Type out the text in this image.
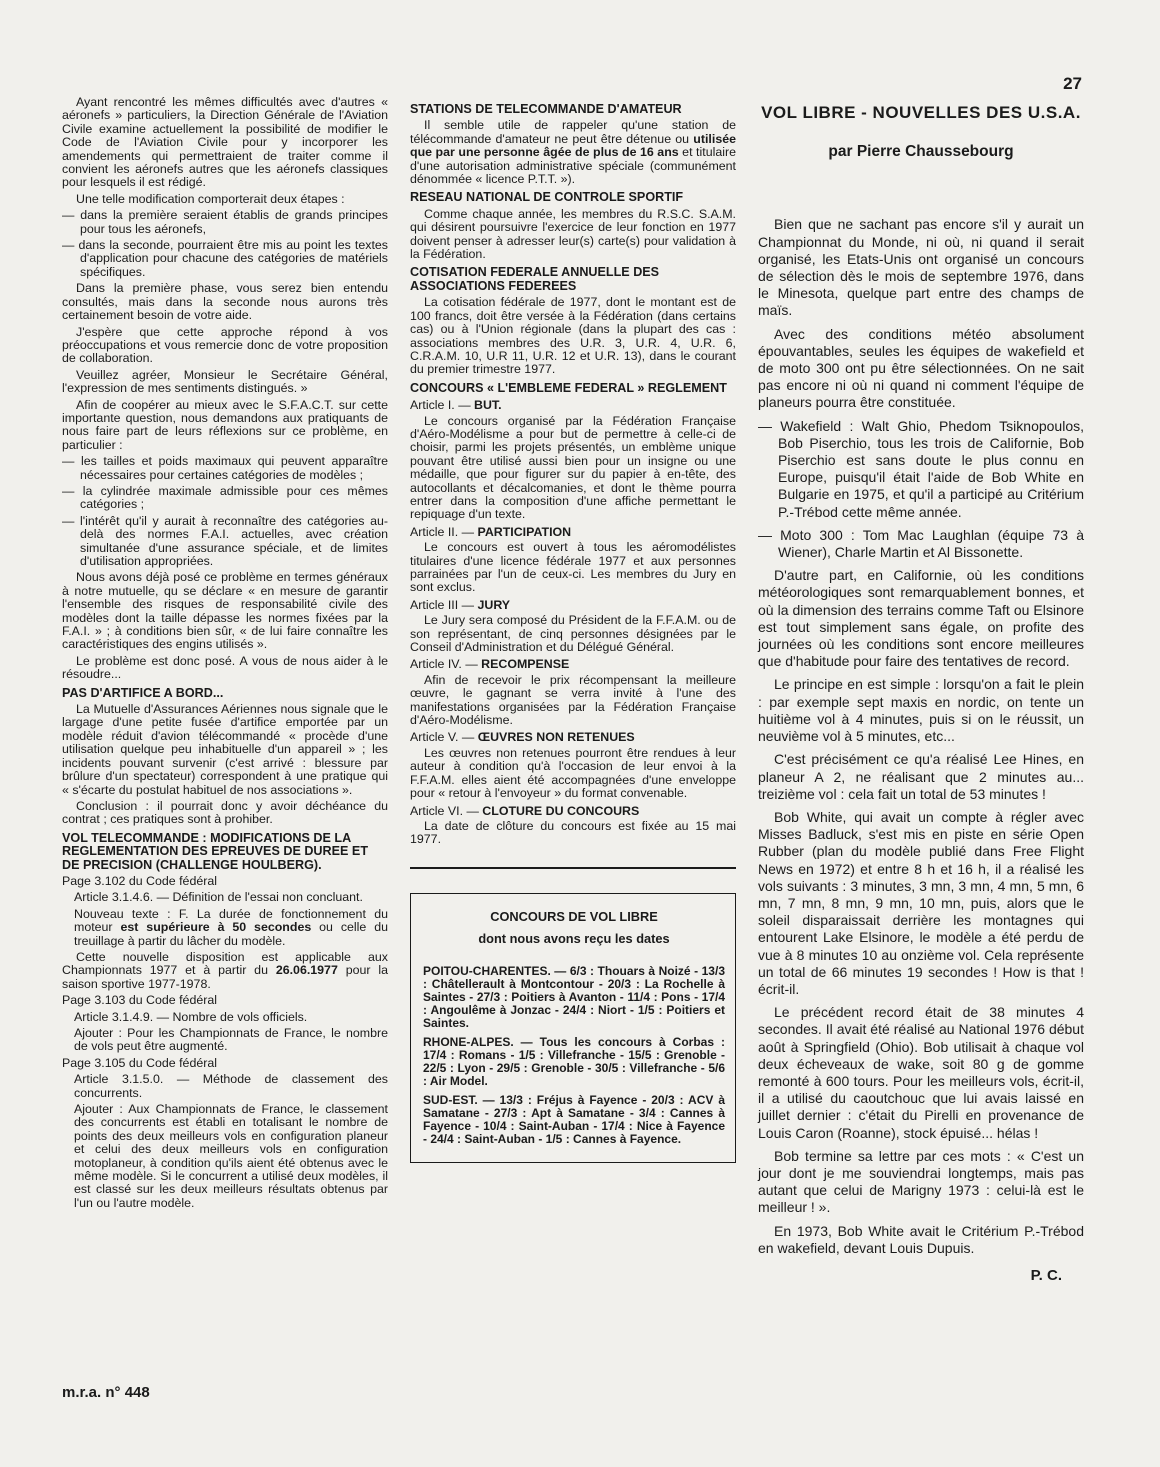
27

Ayant rencontré les mêmes difficultés avec d'autres « aéronefs » particuliers, la Direction Générale de l'Aviation Civile examine actuellement la possibilité de modifier le Code de l'Aviation Civile pour y incorporer les amendements qui permettraient de traiter comme il convient les aéronefs autres que les aéronefs classiques pour lesquels il est rédigé.

Une telle modification comporterait deux étapes :

— dans la première seraient établis de grands principes pour tous les aéronefs,

— dans la seconde, pourraient être mis au point les textes d'application pour chacune des catégories de matériels spécifiques.

Dans la première phase, vous serez bien entendu consultés, mais dans la seconde nous aurons très certainement besoin de votre aide.

J'espère que cette approche répond à vos préoccupations et vous remercie donc de votre proposition de collaboration.

Veuillez agréer, Monsieur le Secrétaire Général, l'expression de mes sentiments distingués. »

Afin de coopérer au mieux avec le S.F.A.C.T. sur cette importante question, nous demandons aux pratiquants de nous faire part de leurs réflexions sur ce problème, en particulier :

— les tailles et poids maximaux qui peuvent apparaître nécessaires pour certaines catégories de modèles ;

— la cylindrée maximale admissible pour ces mêmes catégories ;

— l'intérêt qu'il y aurait à reconnaître des catégories au-delà des normes F.A.I. actuelles, avec création simultanée d'une assurance spéciale, et de limites d'utilisation appropriées.

Nous avons déjà posé ce problème en termes généraux à notre mutuelle, qu se déclare « en mesure de garantir l'ensemble des risques de responsabilité civile des modèles dont la taille dépasse les normes fixées par la F.A.I. » ; à conditions bien sûr, « de lui faire connaître les caractéristiques des engins utilisés ».

Le problème est donc posé. A vous de nous aider à le résoudre...

PAS D'ARTIFICE A BORD...

La Mutuelle d'Assurances Aériennes nous signale que le largage d'une petite fusée d'artifice emportée par un modèle réduit d'avion télécommandé « procède d'une utilisation quelque peu inhabituelle d'un appareil » ; les incidents pouvant survenir (c'est arrivé : blessure par brûlure d'un spectateur) correspondent à une pratique qui « s'écarte du postulat habituel de nos associations ».

Conclusion : il pourrait donc y avoir déchéance du contrat ; ces pratiques sont à prohiber.

VOL TELECOMMANDE : MODIFICATIONS DE LA REGLEMENTATION DES EPREUVES DE DUREE ET DE PRECISION (CHALLENGE HOULBERG).

Page 3.102 du Code fédéral

Article 3.1.4.6. — Définition de l'essai non concluant.

Nouveau texte : F. La durée de fonctionnement du moteur est supérieure à 50 secondes ou celle du treuillage à partir du lâcher du modèle.

Cette nouvelle disposition est applicable aux Championnats 1977 et à partir du 26.06.1977 pour la saison sportive 1977-1978.

Page 3.103 du Code fédéral

Article 3.1.4.9. — Nombre de vols officiels.

Ajouter : Pour les Championnats de France, le nombre de vols peut être augmenté.

Page 3.105 du Code fédéral

Article 3.1.5.0. — Méthode de classement des concurrents.

Ajouter : Aux Championnats de France, le classement des concurrents est établi en totalisant le nombre de points des deux meilleurs vols en configuration planeur et celui des deux meilleurs vols en configuration motoplaneur, à condition qu'ils aient été obtenus avec le même modèle. Si le concurrent a utilisé deux modèles, il est classé sur les deux meilleurs résultats obtenus par l'un ou l'autre modèle.

STATIONS DE TELECOMMANDE D'AMATEUR

Il semble utile de rappeler qu'une station de télécommande d'amateur ne peut être détenue ou utilisée que par une personne âgée de plus de 16 ans et titulaire d'une autorisation administrative spéciale (communément dénommée « licence P.T.T. »).

RESEAU NATIONAL DE CONTROLE SPORTIF

Comme chaque année, les membres du R.S.C. S.A.M. qui désirent poursuivre l'exercice de leur fonction en 1977 doivent penser à adresser leur(s) carte(s) pour validation à la Fédération.

COTISATION FEDERALE ANNUELLE DES ASSOCIATIONS FEDEREES

La cotisation fédérale de 1977, dont le montant est de 100 francs, doit être versée à la Fédération (dans certains cas) ou à l'Union régionale (dans la plupart des cas : associations membres des U.R. 3, U.R. 4, U.R. 6, C.R.A.M. 10, U.R 11, U.R. 12 et U.R. 13), dans le courant du premier trimestre 1977.

CONCOURS « L'EMBLEME FEDERAL » REGLEMENT
Article I. — BUT.

Le concours organisé par la Fédération Française d'Aéro-Modélisme a pour but de permettre à celle-ci de choisir, parmi les projets présentés, un emblème unique pouvant être utilisé aussi bien pour un insigne ou une médaille, que pour figurer sur du papier à en-tête, des autocollants et décalcomanies, et dont le thème pourra entrer dans la composition d'une affiche permettant le repiquage d'un texte.

Article II. — PARTICIPATION

Le concours est ouvert à tous les aéromodélistes titulaires d'une licence fédérale 1977 et aux personnes parrainées par l'un de ceux-ci. Les membres du Jury en sont exclus.

Article III — JURY

Le Jury sera composé du Président de la F.F.A.M. ou de son représentant, de cinq personnes désignées par le Conseil d'Administration et du Délégué Général.

Article IV. — RECOMPENSE

Afin de recevoir le prix récompensant la meilleure œuvre, le gagnant se verra invité à l'une des manifestations organisées par la Fédération Française d'Aéro-Modélisme.

Article V. — ŒUVRES NON RETENUES

Les œuvres non retenues pourront être rendues à leur auteur à condition qu'à l'occasion de leur envoi à la F.F.A.M. elles aient été accompagnées d'une enveloppe pour « retour à l'envoyeur » du format convenable.

Article VI. — CLOTURE DU CONCOURS

La date de clôture du concours est fixée au 15 mai 1977.

CONCOURS DE VOL LIBRE
dont nous avons reçu les dates

POITOU-CHARENTES. — 6/3 : Thouars à Noizé - 13/3 : Châtellerault à Montcontour - 20/3 : La Rochelle à Saintes - 27/3 : Poitiers à Avanton - 11/4 : Pons - 17/4 : Angoulême à Jonzac - 24/4 : Niort - 1/5 : Poitiers et Saintes.

RHONE-ALPES. — Tous les concours à Corbas : 17/4 : Romans - 1/5 : Villefranche - 15/5 : Grenoble - 22/5 : Lyon - 29/5 : Grenoble - 30/5 : Villefranche - 5/6 : Air Model.

SUD-EST. — 13/3 : Fréjus à Fayence - 20/3 : ACV à Samatane - 27/3 : Apt à Samatane - 3/4 : Cannes à Fayence - 10/4 : Saint-Auban - 17/4 : Nice à Fayence - 24/4 : Saint-Auban - 1/5 : Cannes à Fayence.

VOL LIBRE - NOUVELLES DES U.S.A.
par Pierre Chaussebourg

Bien que ne sachant pas encore s'il y aurait un Championnat du Monde, ni où, ni quand il serait organisé, les Etats-Unis ont organisé un concours de sélection dès le mois de septembre 1976, dans le Minesota, quelque part entre des champs de maïs.

Avec des conditions météo absolument épouvantables, seules les équipes de wakefield et de moto 300 ont pu être sélectionnées. On ne sait pas encore ni où ni quand ni comment l'équipe de planeurs pourra être constituée.

— Wakefield : Walt Ghio, Phedom Tsiknopoulos, Bob Piserchio, tous les trois de Californie, Bob Piserchio est sans doute le plus connu en Europe, puisqu'il était l'aide de Bob White en Bulgarie en 1975, et qu'il a participé au Critérium P.-Trébod cette même année.

— Moto 300 : Tom Mac Laughlan (équipe 73 à Wiener), Charle Martin et Al Bissonette.

D'autre part, en Californie, où les conditions météorologiques sont remarquablement bonnes, et où la dimension des terrains comme Taft ou Elsinore est tout simplement sans égale, on profite des journées où les conditions sont encore meilleures que d'habitude pour faire des tentatives de record.

Le principe en est simple : lorsqu'on a fait le plein : par exemple sept maxis en nordic, on tente un huitième vol à 4 minutes, puis si on le réussit, un neuvième vol à 5 minutes, etc...

C'est précisément ce qu'a réalisé Lee Hines, en planeur A 2, ne réalisant que 2 minutes au... treizième vol : cela fait un total de 53 minutes !

Bob White, qui avait un compte à régler avec Misses Badluck, s'est mis en piste en série Open Rubber (plan du modèle publié dans Free Flight News en 1972) et entre 8 h et 16 h, il a réalisé les vols suivants : 3 minutes, 3 mn, 3 mn, 4 mn, 5 mn, 6 mn, 7 mn, 8 mn, 9 mn, 10 mn, puis, alors que le soleil disparaissait derrière les montagnes qui entourent Lake Elsinore, le modèle a été perdu de vue à 8 minutes 10 au onzième vol. Cela représente un total de 66 minutes 19 secondes ! How is that ! écrit-il.

Le précédent record était de 38 minutes 4 secondes. Il avait été réalisé au National 1976 début août à Springfield (Ohio). Bob utilisait à chaque vol deux écheveaux de wake, soit 80 g de gomme remonté à 600 tours. Pour les meilleurs vols, écrit-il, il a utilisé du caoutchouc que lui avais laissé en juillet dernier : c'était du Pirelli en provenance de Louis Caron (Roanne), stock épuisé... hélas !

Bob termine sa lettre par ces mots : « C'est un jour dont je me souviendrai longtemps, mais pas autant que celui de Marigny 1973 : celui-là est le meilleur ! ».

En 1973, Bob White avait le Critérium P.-Trébod en wakefield, devant Louis Dupuis.

P. C.
m.r.a. n° 448
